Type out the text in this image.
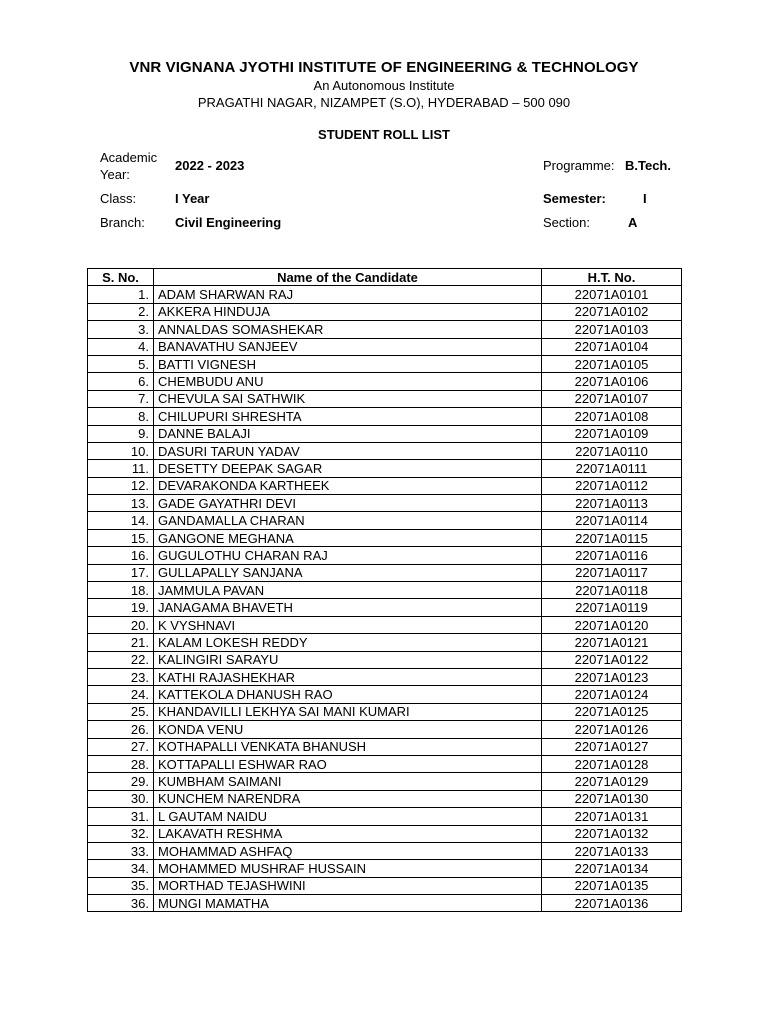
VNR VIGNANA JYOTHI INSTITUTE OF ENGINEERING & TECHNOLOGY
An Autonomous Institute
PRAGATHI NAGAR, NIZAMPET (S.O), HYDERABAD – 500 090
STUDENT ROLL LIST
Academic Year:
2022 - 2023	Programme: B.Tech.
Class:	I Year	Semester:	I
Branch: Civil Engineering	Section:	A
S. No.	Name of the Candidate	H.T. No.
1.	ADAM SHARWAN RAJ	22071A0101
2.	AKKERA HINDUJA	22071A0102
3.	ANNALDAS SOMASHEKAR	22071A0103
4.	BANAVATHU SANJEEV	22071A0104
5.	BATTI VIGNESH	22071A0105
6.	CHEMBUDU ANU	22071A0106
7.	CHEVULA SAI SATHWIK	22071A0107
8.	CHILUPURI SHRESHTA	22071A0108
9.	DANNE BALAJI	22071A0109
10.	DASURI TARUN YADAV	22071A0110
11.	DESETTY DEEPAK SAGAR	22071A0111
12.	DEVARAKONDA KARTHEEK	22071A0112
13.	GADE GAYATHRI DEVI	22071A0113
14.	GANDAMALLA CHARAN	22071A0114
15.	GANGONE MEGHANA	22071A0115
16.	GUGULOTHU CHARAN RAJ	22071A0116
17.	GULLAPALLY SANJANA	22071A0117
18.	JAMMULA PAVAN	22071A0118
19.	JANAGAMA BHAVETH	22071A0119
20.	K VYSHNAVI	22071A0120
21.	KALAM LOKESH REDDY	22071A0121
22.	KALINGIRI SARAYU	22071A0122
23.	KATHI RAJASHEKHAR	22071A0123
24.	KATTEKOLA DHANUSH RAO	22071A0124
25.	KHANDAVILLI LEKHYA SAI MANI KUMARI	22071A0125
26.	KONDA VENU	22071A0126
27.	KOTHAPALLI VENKATA BHANUSH	22071A0127
28.	KOTTAPALLI ESHWAR RAO	22071A0128
29.	KUMBHAM SAIMANI	22071A0129
30.	KUNCHEM NARENDRA	22071A0130
31.	L GAUTAM NAIDU	22071A0131
32.	LAKAVATH RESHMA	22071A0132
33.	MOHAMMAD ASHFAQ	22071A0133
34.	MOHAMMED MUSHRAF HUSSAIN	22071A0134
35.	MORTHAD TEJASHWINI	22071A0135
36.	MUNGI MAMATHA	22071A0136
